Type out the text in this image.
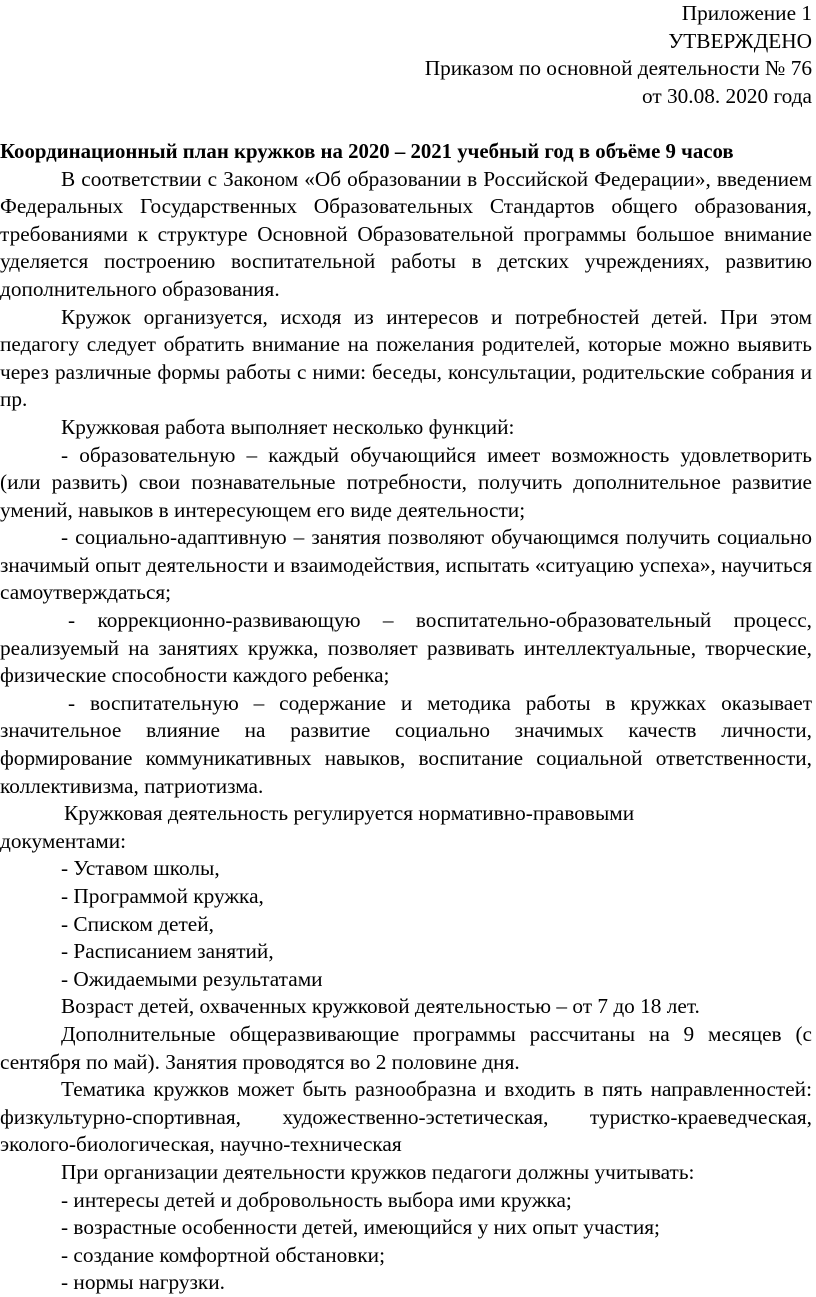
Приложение 1
УТВЕРЖДЕНО
Приказом по основной деятельности № 76
от 30.08. 2020 года
Координационный план кружков на 2020 – 2021 учебный год в объёме 9 часов
В соответствии с Законом «Об образовании в Российской Федерации», введением Федеральных Государственных Образовательных Стандартов общего образования, требованиями к структуре Основной Образовательной программы большое внимание уделяется построению воспитательной работы в детских учреждениях, развитию дополнительного образования.
Кружок организуется, исходя из интересов и потребностей детей. При этом педагогу следует обратить внимание на пожелания родителей, которые можно выявить через различные формы работы с ними: беседы, консультации, родительские собрания и пр.
Кружковая работа выполняет несколько функций:
- образовательную – каждый обучающийся имеет возможность удовлетворить (или развить) свои познавательные потребности, получить дополнительное развитие умений, навыков в интересующем его виде деятельности;
- социально-адаптивную – занятия позволяют обучающимся получить социально значимый опыт деятельности и взаимодействия, испытать «ситуацию успеха», научиться самоутверждаться;
- коррекционно-развивающую – воспитательно-образовательный процесс, реализуемый на занятиях кружка, позволяет развивать интеллектуальные, творческие, физические способности каждого ребенка;
- воспитательную – содержание и методика работы в кружках оказывает значительное влияние на развитие социально значимых качеств личности, формирование коммуникативных навыков, воспитание социальной ответственности, коллективизма, патриотизма.
Кружковая деятельность регулируется нормативно-правовыми
документами:
- Уставом школы,
- Программой кружка,
- Списком детей,
- Расписанием занятий,
- Ожидаемыми результатами
Возраст детей, охваченных кружковой деятельностью – от 7 до 18 лет.
Дополнительные общеразвивающие программы рассчитаны на 9 месяцев (с сентября по май). Занятия проводятся во 2 половине дня.
Тематика кружков может быть разнообразна и входить в пять направленностей: физкультурно-спортивная, художественно-эстетическая, туристко-краеведческая, эколого-биологическая, научно-техническая
При организации деятельности кружков педагоги должны учитывать:
- интересы детей и добровольность выбора ими кружка;
- возрастные особенности детей, имеющийся у них опыт участия;
- создание комфортной обстановки;
- нормы нагрузки.
